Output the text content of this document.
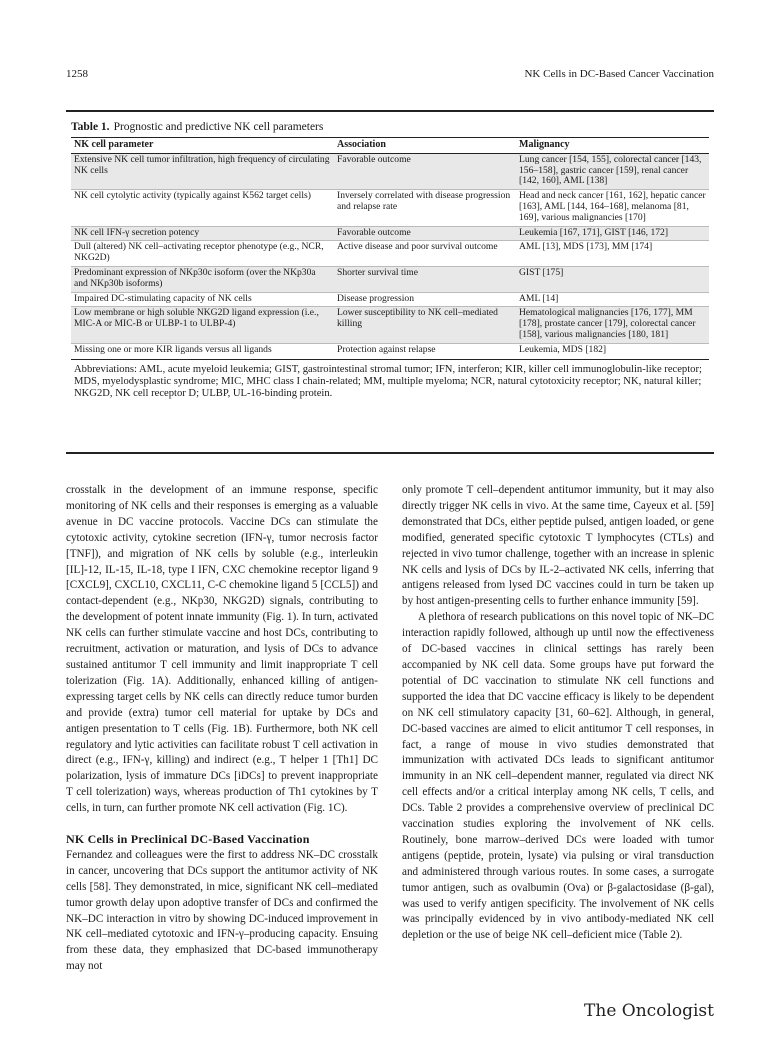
1258	NK Cells in DC-Based Cancer Vaccination
Table 1. Prognostic and predictive NK cell parameters
NK cell parameter	Association	Malignancy
Extensive NK cell tumor infiltration, high frequency of circulating NK cells	Favorable outcome	Lung cancer [154, 155], colorectal cancer [143, 156–158], gastric cancer [159], renal cancer [142, 160], AML [138]
NK cell cytolytic activity (typically against K562 target cells)	Inversely correlated with disease progression and relapse rate	Head and neck cancer [161, 162], hepatic cancer [163], AML [144, 164–168], melanoma [81, 169], various malignancies [170]
NK cell IFN-γ secretion potency	Favorable outcome	Leukemia [167, 171], GIST [146, 172]
Dull (altered) NK cell–activating receptor phenotype (e.g., NCR, NKG2D)	Active disease and poor survival outcome	AML [13], MDS [173], MM [174]
Predominant expression of NKp30c isoform (over the NKp30a and NKp30b isoforms)	Shorter survival time	GIST [175]
Impaired DC-stimulating capacity of NK cells	Disease progression	AML [14]
Low membrane or high soluble NKG2D ligand expression (i.e., MIC-A or MIC-B or ULBP-1 to ULBP-4)	Lower susceptibility to NK cell–mediated killing	Hematological malignancies [176, 177], MM [178], prostate cancer [179], colorectal cancer [158], various malignancies [180, 181]
Missing one or more KIR ligands versus all ligands	Protection against relapse	Leukemia, MDS [182]
Abbreviations: AML, acute myeloid leukemia; GIST, gastrointestinal stromal tumor; IFN, interferon; KIR, killer cell immunoglobulin-like receptor; MDS, myelodysplastic syndrome; MIC, MHC class I chain-related; MM, multiple myeloma; NCR, natural cytotoxicity receptor; NK, natural killer; NKG2D, NK cell receptor D; ULBP, UL-16-binding protein.

crosstalk in the development of an immune response, specific monitoring of NK cells and their responses is emerging as a valuable avenue in DC vaccine protocols. Vaccine DCs can stimulate the cytotoxic activity, cytokine secretion (IFN-γ, tumor necrosis factor [TNF]), and migration of NK cells by soluble (e.g., interleukin [IL]-12, IL-15, IL-18, type I IFN, CXC chemokine receptor ligand 9 [CXCL9], CXCL10, CXCL11, C-C chemokine ligand 5 [CCL5]) and contact-dependent (e.g., NKp30, NKG2D) signals, contributing to the development of potent innate immunity (Fig. 1). In turn, activated NK cells can further stimulate vaccine and host DCs, contributing to recruitment, activation or maturation, and lysis of DCs to advance sustained antitumor T cell immunity and limit inappropriate T cell tolerization (Fig. 1A). Additionally, enhanced killing of antigen-expressing target cells by NK cells can directly reduce tumor burden and provide (extra) tumor cell material for uptake by DCs and antigen presentation to T cells (Fig. 1B). Furthermore, both NK cell regulatory and lytic activities can facilitate robust T cell activation in direct (e.g., IFN-γ, killing) and indirect (e.g., T helper 1 [Th1] DC polarization, lysis of immature DCs [iDCs] to prevent inappropriate T cell tolerization) ways, whereas production of Th1 cytokines by T cells, in turn, can further promote NK cell activation (Fig. 1C).

NK Cells in Preclinical DC-Based Vaccination

Fernandez and colleagues were the first to address NK–DC crosstalk in cancer, uncovering that DCs support the antitumor activity of NK cells [58]. They demonstrated, in mice, significant NK cell–mediated tumor growth delay upon adoptive transfer of DCs and confirmed the NK–DC interaction in vitro by showing DC-induced improvement in NK cell–mediated cytotoxic and IFN-γ–producing capacity. Ensuing from these data, they emphasized that DC-based immunotherapy may not

only promote T cell–dependent antitumor immunity, but it may also directly trigger NK cells in vivo. At the same time, Cayeux et al. [59] demonstrated that DCs, either peptide pulsed, antigen loaded, or gene modified, generated specific cytotoxic T lymphocytes (CTLs) and rejected in vivo tumor challenge, together with an increase in splenic NK cells and lysis of DCs by IL-2–activated NK cells, inferring that antigens released from lysed DC vaccines could in turn be taken up by host antigen-presenting cells to further enhance immunity [59].

A plethora of research publications on this novel topic of NK–DC interaction rapidly followed, although up until now the effectiveness of DC-based vaccines in clinical settings has rarely been accompanied by NK cell data. Some groups have put forward the potential of DC vaccination to stimulate NK cell functions and supported the idea that DC vaccine efficacy is likely to be dependent on NK cell stimulatory capacity [31, 60–62]. Although, in general, DC-based vaccines are aimed to elicit antitumor T cell responses, in fact, a range of mouse in vivo studies demonstrated that immunization with activated DCs leads to significant antitumor immunity in an NK cell–dependent manner, regulated via direct NK cell effects and/or a critical interplay among NK cells, T cells, and DCs. Table 2 provides a comprehensive overview of preclinical DC vaccination studies exploring the involvement of NK cells. Routinely, bone marrow–derived DCs were loaded with tumor antigens (peptide, protein, lysate) via pulsing or viral transduction and administered through various routes. In some cases, a surrogate tumor antigen, such as ovalbumin (Ova) or β-galactosidase (β-gal), was used to verify antigen specificity. The involvement of NK cells was principally evidenced by in vivo antibody-mediated NK cell depletion or the use of beige NK cell–deficient mice (Table 2).

The Oncologist
